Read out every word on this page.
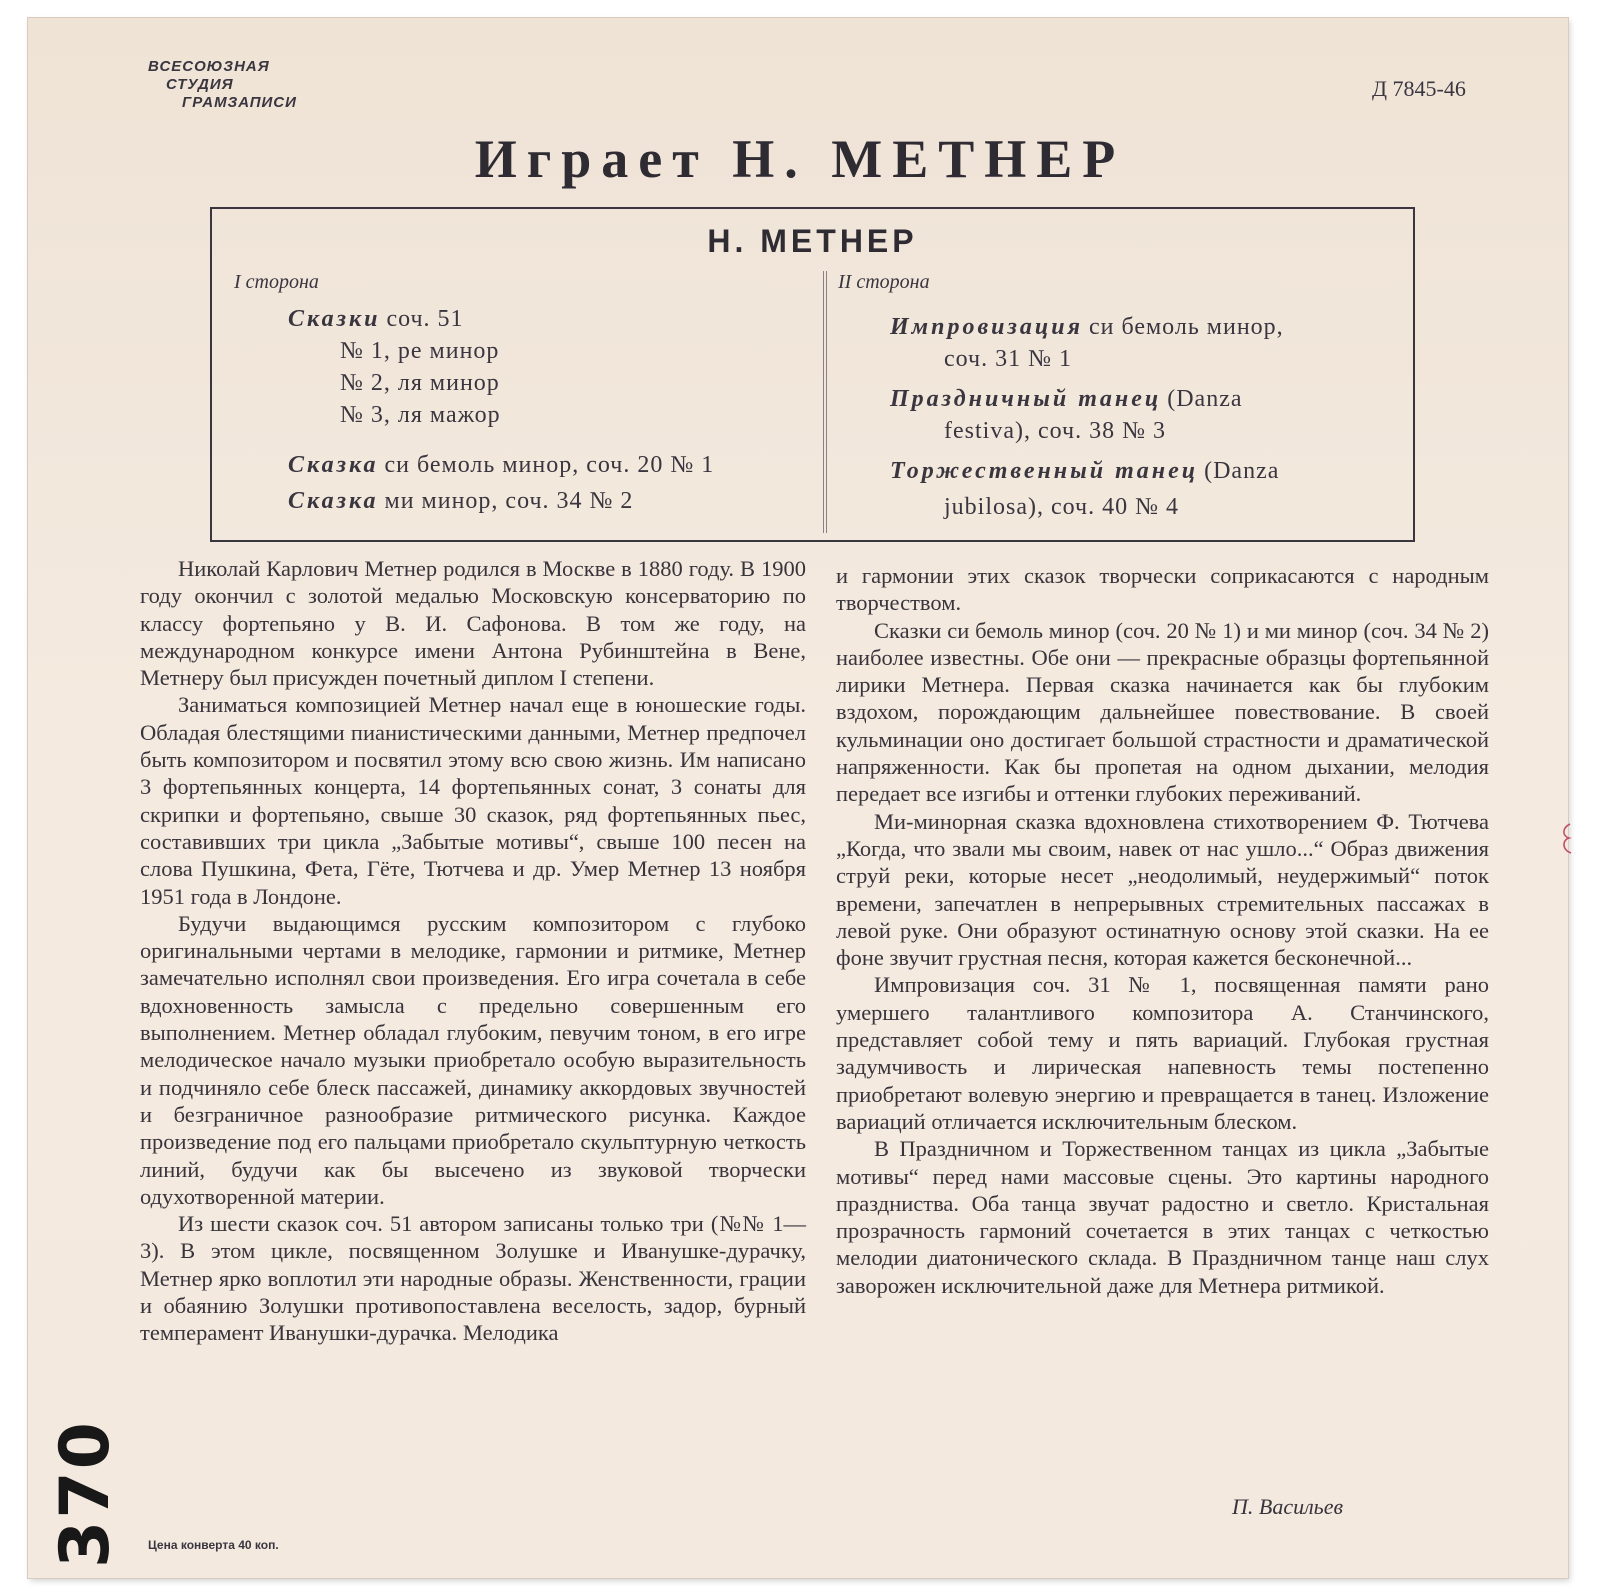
ВСЕСОЮЗНАЯ
СТУДИЯ
ГРАМЗАПИСИ
Д 7845-46
Играет Н. МЕТНЕР
Н. МЕТНЕР
I сторона
Сказки соч. 51
№ 1, ре минор
№ 2, ля минор
№ 3, ля мажор
Сказка си бемоль минор, соч. 20 № 1
Сказка ми минор, соч. 34 № 2
II сторона
Импровизация си бемоль минор,
соч. 31 № 1
Праздничный танец (Danza
festiva), соч. 38 № 3
Торжественный танец (Danza
jubilosa), соч. 40 № 4

Николай Карлович Метнер родился в Москве в 1880 году. В 1900 году окончил с золотой медалью Московскую консерваторию по классу фортепьяно у В. И. Сафонова. В том же году, на международном конкурсе имени Антона Рубинштейна в Вене, Метнеру был присужден почетный диплом I степени.

Заниматься композицией Метнер начал еще в юношеские годы. Обладая блестящими пианистическими данными, Метнер предпочел быть композитором и посвятил этому всю свою жизнь. Им написано 3 фортепьянных концерта, 14 фортепьянных сонат, 3 сонаты для скрипки и фортепьяно, свыше 30 сказок, ряд фортепьянных пьес, составивших три цикла „Забытые мотивы“, свыше 100 песен на слова Пушкина, Фета, Гёте, Тютчева и др. Умер Метнер 13 ноября 1951 года в Лондоне.

Будучи выдающимся русским композитором с глубоко оригинальными чертами в мелодике, гармонии и ритмике, Метнер замечательно исполнял свои произведения. Его игра сочетала в себе вдохновенность замысла с предельно совершенным его выполнением. Метнер обладал глубоким, певучим тоном, в его игре мелодическое начало музыки приобретало особую выразительность и подчиняло себе блеск пассажей, динамику аккордовых звучностей и безграничное разнообразие ритмического рисунка. Каждое произведение под его пальцами приобретало скульптурную четкость линий, будучи как бы высечено из звуковой творчески одухотворенной материи.

Из шести сказок соч. 51 автором записаны только три (№№ 1—3). В этом цикле, посвященном Золушке и Иванушке-дурачку, Метнер ярко воплотил эти народные образы. Женственности, грации и обаянию Золушки противопоставлена веселость, задор, бурный темперамент Иванушки-дурачка. Мелодика

и гармонии этих сказок творчески соприкасаются с народным творчеством.

Сказки си бемоль минор (соч. 20 № 1) и ми минор (соч. 34 № 2) наиболее известны. Обе они — прекрасные образцы фортепьянной лирики Метнера. Первая сказка начинается как бы глубоким вздохом, порождающим дальнейшее повествование. В своей кульминации оно достигает большой страстности и драматической напряженности. Как бы пропетая на одном дыхании, мелодия передает все изгибы и оттенки глубоких переживаний.

Ми-минорная сказка вдохновлена стихотворением Ф. Тютчева „Когда, что звали мы своим, навек от нас ушло...“ Образ движения струй реки, которые несет „неодолимый, неудержимый“ поток времени, запечатлен в непрерывных стремительных пассажах в левой руке. Они образуют остинатную основу этой сказки. На ее фоне звучит грустная песня, которая кажется бесконечной...

Импровизация соч. 31 № 1, посвященная памяти рано умершего талантливого композитора А. Станчинского, представляет собой тему и пять вариаций. Глубокая грустная задумчивость и лирическая напевность темы постепенно приобретают волевую энергию и превращается в танец. Изложение вариаций отличается исключительным блеском.

В Праздничном и Торжественном танцах из цикла „Забытые мотивы“ перед нами массовые сцены. Это картины народного праздниства. Оба танца звучат радостно и светло. Кристальная прозрачность гармоний сочетается в этих танцах с четкостью мелодии диатонического склада. В Праздничном танце наш слух заворожен исключительной даже для Метнера ритмикой.

П. Васильев
Цена конверта 40 коп.
370
